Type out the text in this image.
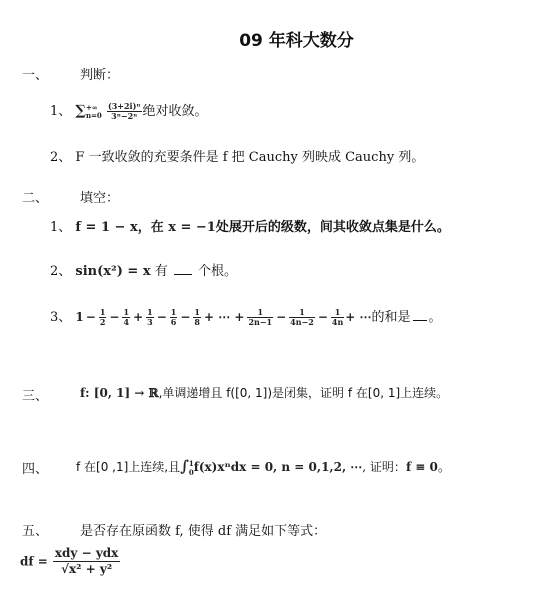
09 年科大数分
一、 判断：
1、 ∑ +∞
n=0
$\frac{\text{(3+2i)ⁿ}}{\text{3ⁿ−2ⁿ}}$ 绝对收敛。
2、 F 一致收敛的充要条件是 f 把 Cauchy 列映成 Cauchy 列。
二、 填空：
1、 f = 1 − x，在 x = −1处展开后的级数，间其收敛点集是什么。
2、 sin(x²) = x 有 个根。
3、 $1 - \frac{1}{2} - \frac{1}{4} + \frac{1}{3} - \frac{1}{6} - \frac{1}{8}$ + ⋯ + $\frac{1}{2n-1} - \frac{1}{4n-2} - \frac{1}{4n}$ + ⋯的和是 。
三、	f: [0, 1] → ℝ,单调递增且 f([0, 1])是闭集，证明 f 在[0, 1]上连续。
四、 f 在[0 ,1]上连续,且∫ 1
0 f(x)xⁿdx = 0, n = 0,1,2, ⋯, 证明：f ≡ 0。
五、 是否存在原函数 f, 使得 df 满足如下等式：
df = $\frac{\text{xdy − ydx}}{\text{√x² + y²}}$
